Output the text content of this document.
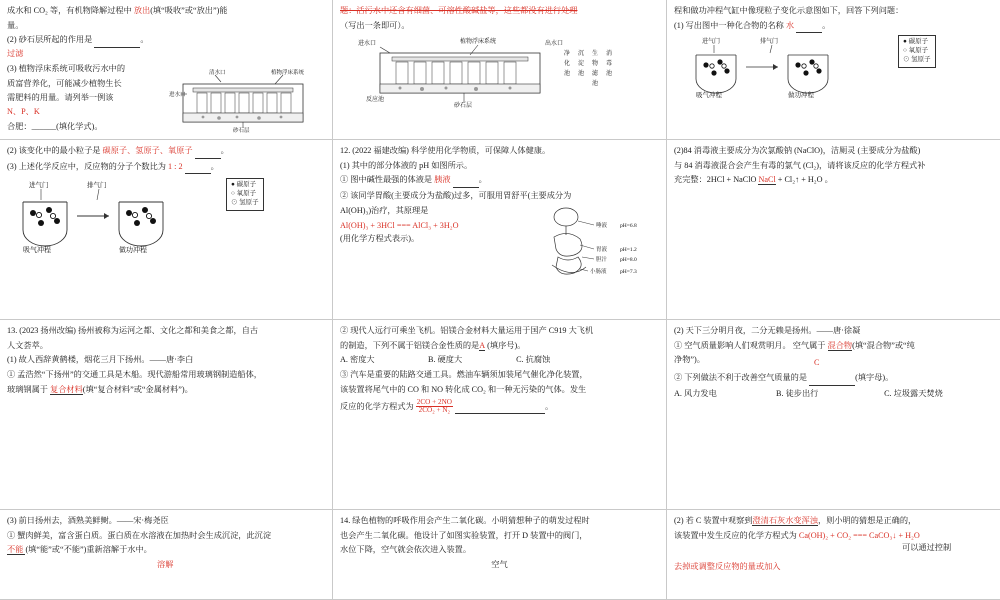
成水和 CO₂ 等，有机物降解过程中 放出(填“吸收”或“放出”)能

量。

(2) 砂石层所起的作用是	。

过滤

(3) 植物浮床系统可吸收污水中的

质富营养化，可能减少植物生长

需肥料的用量。请列举一例该

N、P、K

合肥：______(填化学式)。

清水口	植物浮床系统
进水口
砂石层

题：活污水中还含有细菌、可溶性酸碱盐等，这些都没有进行处理

（写出一条即可）。

进水口	植物浮床系统	出水口
净 沉 生 消
化 淀 物 毒
池 池 滤 池
池
反应池
砂石层

程和做功冲程气缸中像现粒子变化示意图如下，回答下列问题：

(1) 写出图中一种化合物的名称 水	。

进气门	排气门
吸气冲程	做功冲程
● 碳原子
○ 氧原子
⊙ 氢原子

(2) 该变化中的最小粒子是 碳原子、氢原子、氧原子	。

(3) 上述化学反应中，反应物的分子个数比为 1 : 2	。

进气门	排气门
吸气冲程	做功冲程
● 碳原子
○ 氧原子
⊙ 氢原子

12. (2022 福建改编) 科学使用化学物质，可保障人体健康。

(1) 其中的部分体液的 pH 如图所示。

① 图中碱性最强的体液是 胰液	。

② 该同学胃酸(主要成分为盐酸)过多，可服用胃舒平(主要成分为

Al(OH)₃)治疗，其原理是

Al(OH)₃ + 3HCl === AlCl₃ + 3H₂O

(用化学方程式表示)。

唾液 pH=6.8
胃液 pH=1.2
胆汁 pH=8.0
小肠液 pH=7.3

(2)84 消毒液主要成分为次氯酸钠 (NaClO)，洁厕灵 (主要成分为盐酸)

与 84 消毒液混合会产生有毒的氯气 (Cl₂)，请将该反应的化学方程式补

充完整：2HCl + NaClO NaCl + Cl₂↑ + H₂O 。

13. (2023 扬州改编) 扬州被称为运河之都、文化之都和美食之都，自古

人文荟萃。

(1) 故人西辞黄鹤楼，烟花三月下扬州。——唐·李白

① 孟浩然“下扬州”的交通工具是木船。现代游船常用玻璃钢制造船体，

玻璃钢属于 复合材料(填“复合材料”或“金属材料”)。

② 现代人远行可乘坐飞机。铝镁合金材料大量运用于国产 C919 大飞机

的制造，下列不属于铝镁合金性质的是A (填序号)。

A. 密度大	B. 硬度大	C. 抗腐蚀

③ 汽车是重要的陆路交通工具。燃油车辆须加装尾气催化净化装置，

该装置将尾气中的 CO 和 NO 转化成 CO₂ 和一种无污染的气体。发生

反应的化学方程式为 $\frac{2CO + 2NO}{\text{2CO₂ + N₂}}$	。

(2) 天下三分明月夜，二分无赖是扬州。——唐·徐凝

① 空气质量影响人们观赏明月。 空气属于 混合物(填“混合物”或“纯

净物”)。	C

② 下列做法不利于改善空气质量的是	(填字母)。

A. 风力发电	B. 徒步出行	C. 垃圾露天焚烧

(3) 前日扬州去，酒熟美鲜鲥。——宋·梅尧臣

① 蟹肉鲜美，富含蛋白质。蛋白质在水溶液在加热时会生成沉淀，此沉淀

不能 (填“能”或“不能”)重新溶解于水中。

溶解

14. 绿色植物的呼吸作用会产生二氧化碳。小明猜想种子的萌发过程时

也会产生二氧化碳。他设计了如图实验装置，打开 D 装置中的阀门，

水位下降，空气就会依次进入装置。

空气

(2) 若 C 装置中观察到澄清石灰水变浑浊，则小明的猜想是正确的，

该装置中发生反应的化学方程式为 Ca(OH)₂ + CO₂ === CaCO₃↓ + H₂O

可以通过控制

去掉或调整反应物的量或加入
